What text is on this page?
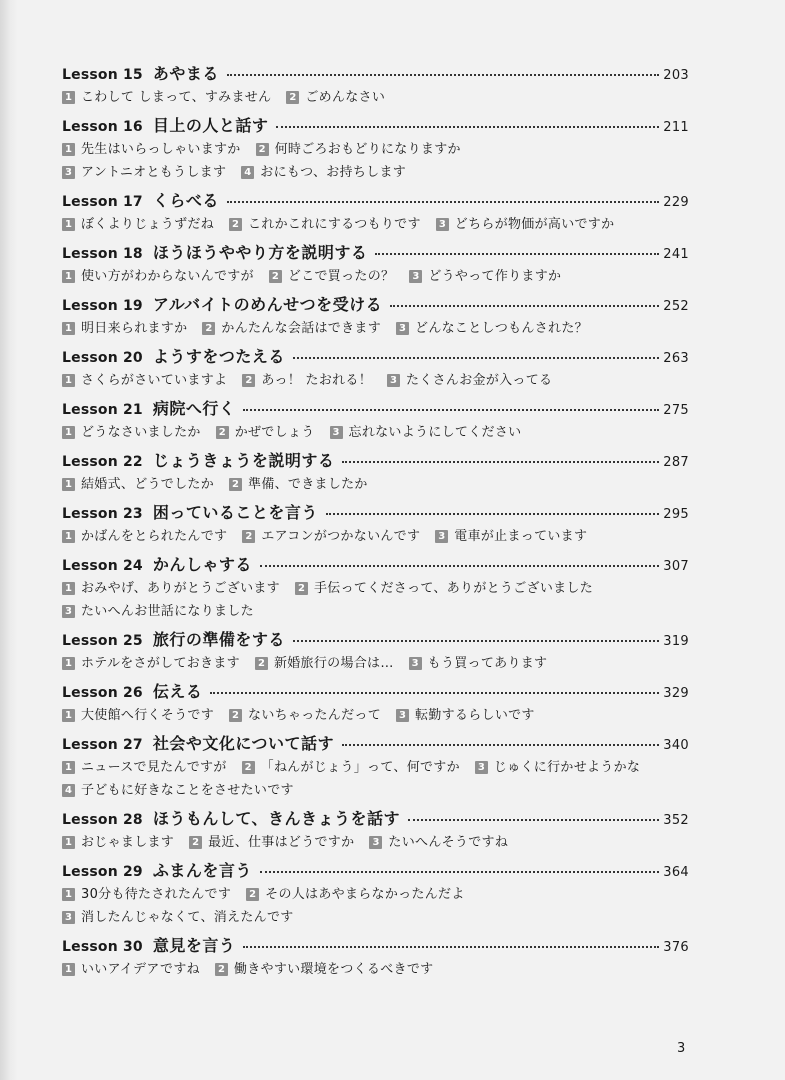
Lesson 15 あやまる	203
1 こわして しまって、すみません	2 ごめんなさい
Lesson 16 目上の人と話す	211
1 先生はいらっしゃいますか	2 何時ごろおもどりになりますか
3 アントニオともうします	4 おにもつ、お持ちします
Lesson 17 くらべる	229
1 ぼくよりじょうずだね	2 これかこれにするつもりです	3 どちらが物価が高いですか
Lesson 18 ほうほうややり方を説明する	241
1 使い方がわからないんですが	2 どこで買ったの？	3 どうやって作りますか
Lesson 19 アルバイトのめんせつを受ける	252
1 明日来られますか	2 かんたんな会話はできます	3 どんなことしつもんされた？
Lesson 20 ようすをつたえる	263
1 さくらがさいていますよ	2 あっ！ たおれる！	3 たくさんお金が入ってる
Lesson 21 病院へ行く	275
1 どうなさいましたか	2 かぜでしょう	3 忘れないようにしてください
Lesson 22 じょうきょうを説明する	287
1 結婚式、どうでしたか	2 準備、できましたか
Lesson 23 困っていることを言う	295
1 かばんをとられたんです	2 エアコンがつかないんです	3 電車が止まっています
Lesson 24 かんしゃする	307
1 おみやげ、ありがとうございます	2 手伝ってくださって、ありがとうございました
3 たいへんお世話になりました
Lesson 25 旅行の準備をする	319
1 ホテルをさがしておきます	2 新婚旅行の場合は…	3 もう買ってあります
Lesson 26 伝える	329
1 大使館へ行くそうです	2 ないちゃったんだって	3 転勤するらしいです
Lesson 27 社会や文化について話す	340
1 ニュースで見たんですが	2 「ねんがじょう」って、何ですか	3 じゅくに行かせようかな
4 子どもに好きなことをさせたいです
Lesson 28 ほうもんして、きんきょうを話す	352
1 おじゃまします	2 最近、仕事はどうですか	3 たいへんそうですね
Lesson 29 ふまんを言う	364
1 30分も待たされたんです	2 その人はあやまらなかったんだよ
3 消したんじゃなくて、消えたんです
Lesson 30 意見を言う	376
1 いいアイデアですね	2 働きやすい環境をつくるべきです
3
